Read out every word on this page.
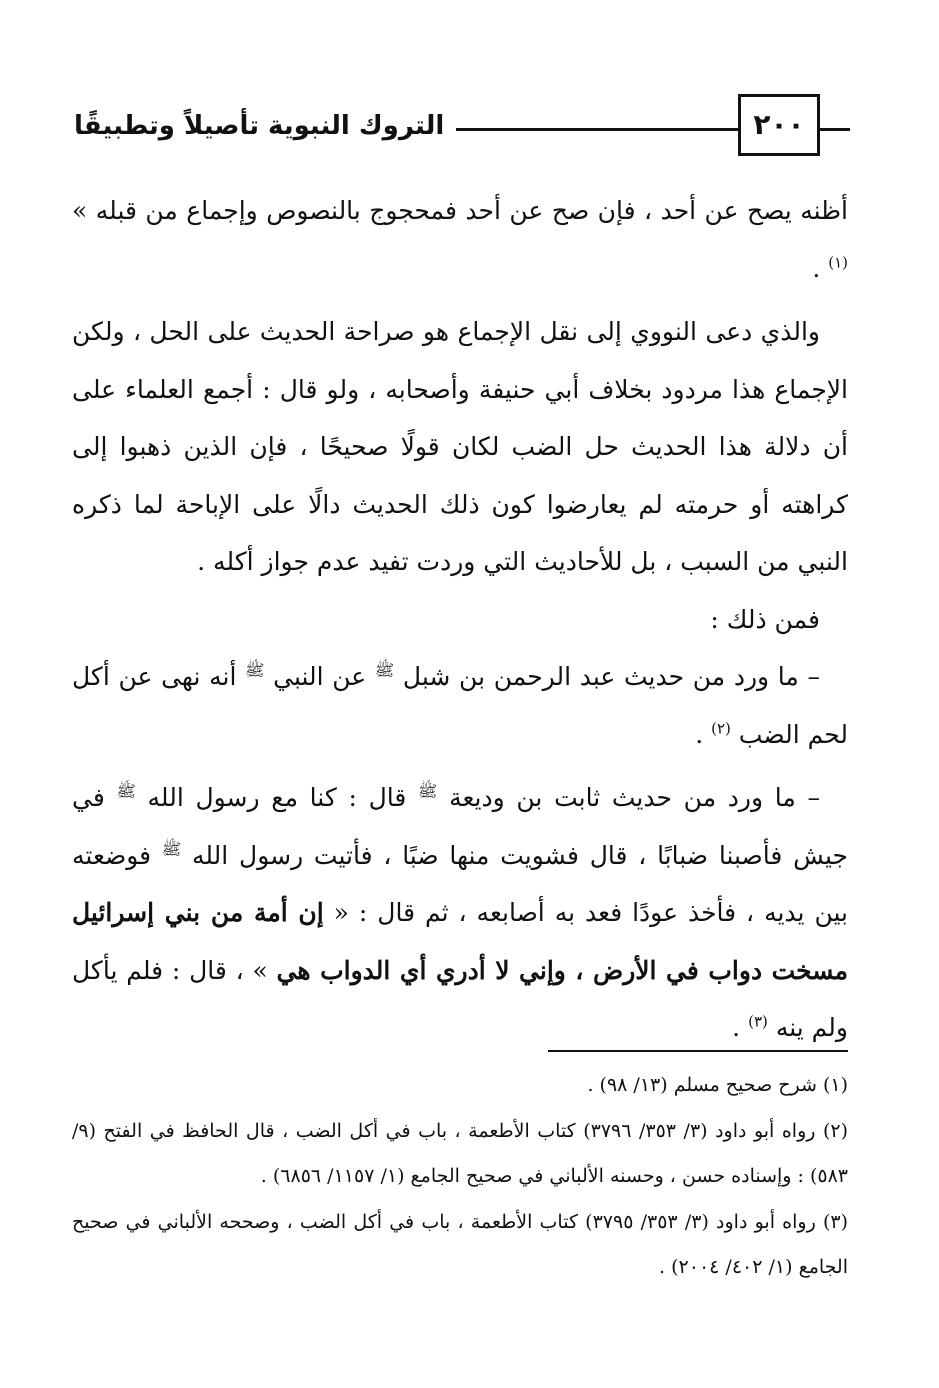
التروك النبوية تأصيلاً وتطبيقًا	٢٠٠

أظنه يصح عن أحد ، فإن صح عن أحد فمحجوج بالنصوص وإجماع من قبله » $^{(١)}$ .

والذي دعى النووي إلى نقل الإجماع هو صراحة الحديث على الحل ، ولكن الإجماع هذا مردود بخلاف أبي حنيفة وأصحابه ، ولو قال : أجمع العلماء على أن دلالة هذا الحديث حل الضب لكان قولًا صحيحًا ، فإن الذين ذهبوا إلى كراهته أو حرمته لم يعارضوا كون ذلك الحديث دالًا على الإباحة لما ذكره النبي من السبب ، بل للأحاديث التي وردت تفيد عدم جواز أكله .

فمن ذلك :

– ما ورد من حديث عبد الرحمن بن شبل $^ﷺ$ عن النبي $^ﷺ$ أنه نهى عن أكل لحم الضب $^{(٢)}$ .

– ما ورد من حديث ثابت بن وديعة $^ﷺ$ قال : كنا مع رسول الله $^ﷺ$ في جيش فأصبنا ضبابًا ، قال فشويت منها ضبًا ، فأتيت رسول الله $^ﷺ$ فوضعته بين يديه ، فأخذ عودًا فعد به أصابعه ، ثم قال : « إن أمة من بني إسرائيل مسخت دواب في الأرض ، وإني لا أدري أي الدواب هي » ، قال : فلم يأكل ولم ينه $^{(٣)}$ .

(١) شرح صحيح مسلم (١٣/ ٩٨) .

(٢) رواه أبو داود (٣/ ٣٥٣/ ٣٧٩٦) كتاب الأطعمة ، باب في أكل الضب ، قال الحافظ في الفتح (٩/ ٥٨٣) : وإسناده حسن ، وحسنه الألباني في صحيح الجامع (١/ ١١٥٧/ ٦٨٥٦) .

(٣) رواه أبو داود (٣/ ٣٥٣/ ٣٧٩٥) كتاب الأطعمة ، باب في أكل الضب ، وصححه الألباني في صحيح الجامع (١/ ٤٠٢/ ٢٠٠٤) .
